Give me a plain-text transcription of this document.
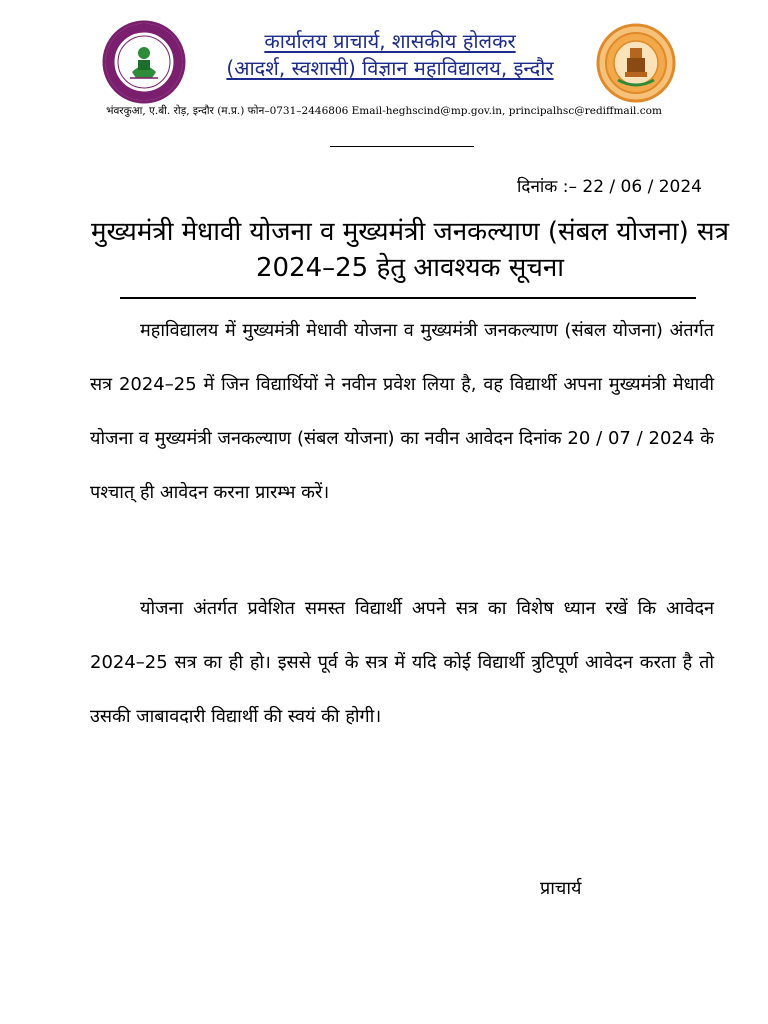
कार्यालय प्राचार्य, शासकीय होलकर
(आदर्श, स्वशासी) विज्ञान महाविद्यालय, इन्दौर
भंवरकुआ, ए.बी. रोड़, इन्दौर (म.प्र.) फोन–0731–2446806 Email-heghscind@mp.gov.in, principalhsc@rediffmail.com
दिनांक :– 22 / 06 / 2024
मुख्यमंत्री मेधावी योजना व मुख्यमंत्री जनकल्याण (संबल योजना) सत्र 2024–25 हेतु आवश्यक सूचना

महाविद्यालय में मुख्यमंत्री मेधावी योजना व मुख्यमंत्री जनकल्याण (संबल योजना) अंतर्गत सत्र 2024–25 में जिन विद्यार्थियों ने नवीन प्रवेश लिया है, वह विद्यार्थी अपना मुख्यमंत्री मेधावी योजना व मुख्यमंत्री जनकल्याण (संबल योजना) का नवीन आवेदन दिनांक 20 / 07 / 2024 के पश्चात् ही आवेदन करना प्रारम्भ करें।

योजना अंतर्गत प्रवेशित समस्त विद्यार्थी अपने सत्र का विशेष ध्यान रखें कि आवेदन 2024–25 सत्र का ही हो। इससे पूर्व के सत्र में यदि कोई विद्यार्थी त्रुटिपूर्ण आवेदन करता है तो उसकी जाबावदारी विद्यार्थी की स्वयं की होगी।

प्राचार्य
